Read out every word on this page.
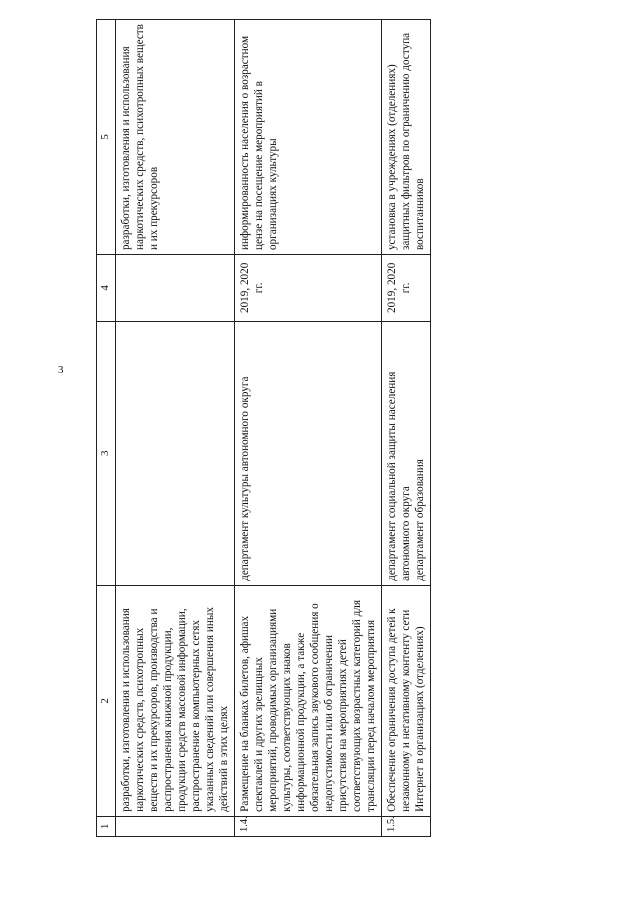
3
1	2	3	4	5
	разработки, изготовления и использования наркотических средств, психотропных веществ и их прекурсоров, производства и распространения книжной продукции, продукции средств массовой информации, распространение в компьютерных сетях указанных сведений или совершения иных действий в этих целях			разработки, изготовления и использования наркотических средств, психотропных веществ и их прекурсоров
1.4.	Размещение на бланках билетов, афишах спектаклей и других зрелищных мероприятий, проводимых организациями культуры, соответствующих знаков информационной продукции, а также обязательная запись звукового сообщения о недопустимости или об ограничении присутствия на мероприятиях детей соответствующих возрастных категорий для трансляции перед началом мероприятия	департамент культуры автономного округа	2019, 2020 гг.	информированность населения о возрастном цензе на посещение мероприятий в организациях культуры
1.5.	Обеспечение ограничения доступа детей к незаконному и негативному контенту сети Интернет в организациях (отделениях)	департамент социальной защиты населения автономного округа департамент образования	2019, 2020 гг.	установка в учреждениях (отделениях) защитных фильтров по ограничению доступа воспитанников
